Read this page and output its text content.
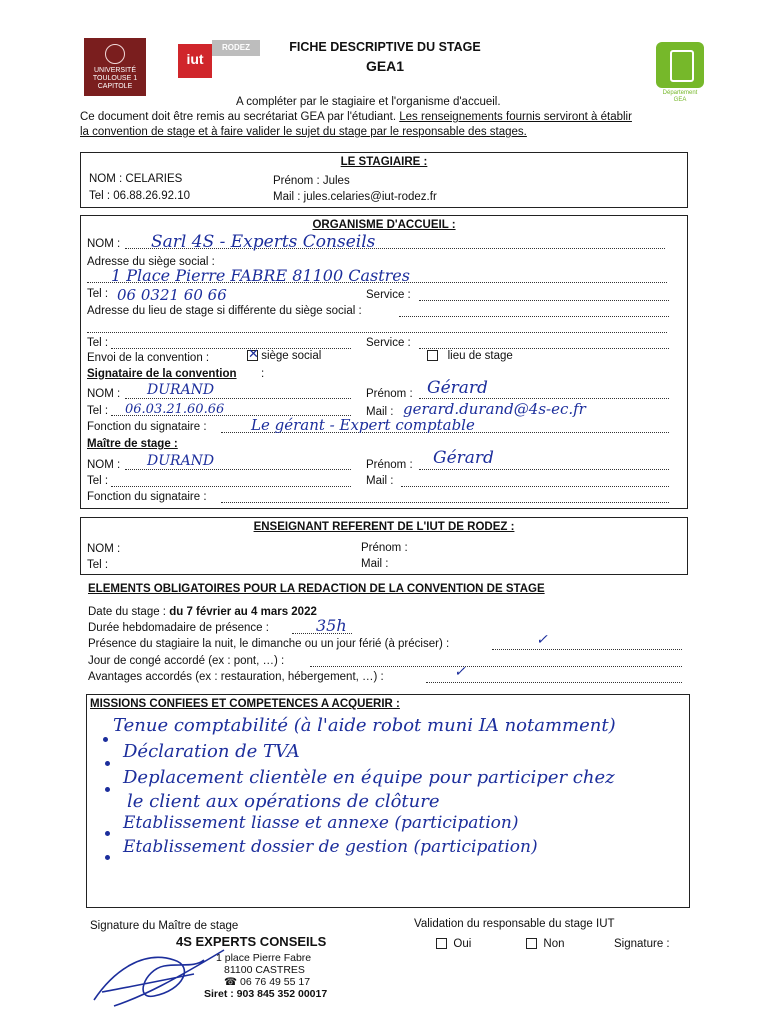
UNIVERSITÉ TOULOUSE 1 CAPITOLE
iut
RODEZ
Département GEA
FICHE DESCRIPTIVE DU STAGE
GEA1
A compléter par le stagiaire et l'organisme d'accueil.
Ce document doit être remis au secrétariat GEA par l'étudiant. Les renseignements fournis serviront à établir
la convention de stage et à faire valider le sujet du stage par le responsable des stages.
LE STAGIAIRE :
NOM : CELARIES	Prénom : Jules
Tel : 06.88.26.92.10	Mail : jules.celaries@iut-rodez.fr
ORGANISME D'ACCUEIL :
NOM : Sarl 4S - Experts Conseils
Adresse du siège social :
1 Place Pierre FABRE 81100 Castres
Tel : 06 0321 60 66	Service :
Adresse du lieu de stage si différente du siège social :
Tel :	Service :
Envoi de la convention :	✕ siège social	lieu de stage
Signataire de la convention :
NOM : DURAND	Prénom : Gérard
Tel : 06.03.21.60.66	Mail : gerard.durand@4s-ec.fr
Fonction du signataire :	Le gérant - Expert comptable
Maître de stage :
NOM : DURAND	Prénom : Gérard
Tel :	Mail :
Fonction du signataire :
ENSEIGNANT REFERENT DE L'IUT DE RODEZ :
NOM :	Prénom :
Tel :	Mail :
ELEMENTS OBLIGATOIRES POUR LA REDACTION DE LA CONVENTION DE STAGE
Date du stage : du 7 février au 4 mars 2022
Durée hebdomadaire de présence :	35h
Présence du stagiaire la nuit, le dimanche ou un jour férié (à préciser) :	✓
Jour de congé accordé (ex : pont, …) :
Avantages accordés (ex : restauration, hébergement, …) :	✓
MISSIONS CONFIEES ET COMPETENCES A ACQUERIR :
Tenue comptabilité (à l'aide robot muni IA notamment)
Déclaration de TVA
Deplacement clientèle en équipe pour participer chez
le client aux opérations de clôture
Etablissement liasse et annexe (participation)
Etablissement dossier de gestion (participation)
Signature du Maître de stage	Validation du responsable du stage IUT
Oui	Non	Signature :
4S EXPERTS CONSEILS
1 place Pierre Fabre
81100 CASTRES
☎ 06 76 49 55 17
Siret : 903 845 352 00017
